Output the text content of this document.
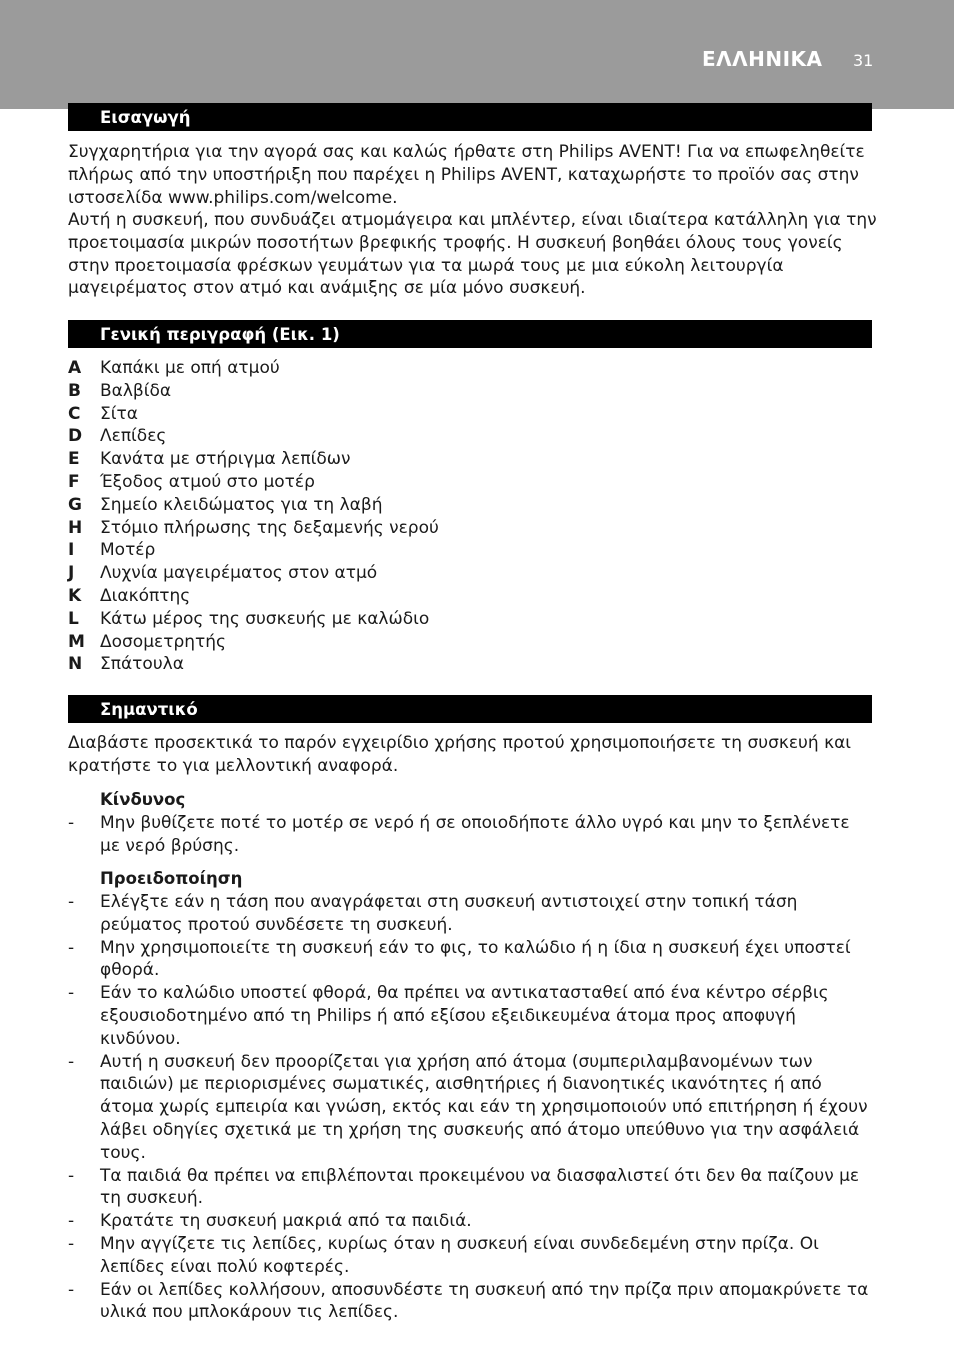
ΕΛΛΗΝΙΚΑ 31
Εισαγωγή

Συγχαρητήρια για την αγορά σας και καλώς ήρθατε στη Philips AVENT! Για να επωφεληθείτε πλήρως από την υποστήριξη που παρέχει η Philips AVENT, καταχωρήστε το προϊόν σας στην ιστοσελίδα www.philips.com/welcome.

Αυτή η συσκευή, που συνδυάζει ατμομάγειρα και μπλέντερ, είναι ιδιαίτερα κατάλληλη για την προετοιμασία μικρών ποσοτήτων βρεφικής τροφής. Η συσκευή βοηθάει όλους τους γονείς στην προετοιμασία φρέσκων γευμάτων για τα μωρά τους με μια εύκολη λειτουργία μαγειρέματος στον ατμό και ανάμιξης σε μία μόνο συσκευή.

Γενική περιγραφή (Εικ. 1)
A	Καπάκι με οπή ατμού
B	Βαλβίδα
C	Σίτα
D	Λεπίδες
E	Κανάτα με στήριγμα λεπίδων
F	Έξοδος ατμού στο μοτέρ
G	Σημείο κλειδώματος για τη λαβή
H	Στόμιο πλήρωσης της δεξαμενής νερού
I	Μοτέρ
J	Λυχνία μαγειρέματος στον ατμό
K	Διακόπτης
L	Κάτω μέρος της συσκευής με καλώδιο
M Δοσομετρητής
N	Σπάτουλα
Σημαντικό

Διαβάστε προσεκτικά το παρόν εγχειρίδιο χρήσης προτού χρησιμοποιήσετε τη συσκευή και κρατήστε το για μελλοντική αναφορά.

Κίνδυνος
-	Μην βυθίζετε ποτέ το μοτέρ σε νερό ή σε οποιοδήποτε άλλο υγρό και μην το ξεπλένετε με νερό βρύσης.
Προειδοποίηση
-	Ελέγξτε εάν η τάση που αναγράφεται στη συσκευή αντιστοιχεί στην τοπική τάση ρεύματος προτού συνδέσετε τη συσκευή.
-	Μην χρησιμοποιείτε τη συσκευή εάν το φις, το καλώδιο ή η ίδια η συσκευή έχει υποστεί φθορά.
-	Εάν το καλώδιο υποστεί φθορά, θα πρέπει να αντικατασταθεί από ένα κέντρο σέρβις εξουσιοδοτημένο από τη Philips ή από εξίσου εξειδικευμένα άτομα προς αποφυγή κινδύνου.
-	Αυτή η συσκευή δεν προορίζεται για χρήση από άτομα (συμπεριλαμβανομένων των παιδιών) με περιορισμένες σωματικές, αισθητήριες ή διανοητικές ικανότητες ή από άτομα χωρίς εμπειρία και γνώση, εκτός και εάν τη χρησιμοποιούν υπό επιτήρηση ή έχουν λάβει οδηγίες σχετικά με τη χρήση της συσκευής από άτομο υπεύθυνο για την ασφάλειά τους.
-	Τα παιδιά θα πρέπει να επιβλέπονται προκειμένου να διασφαλιστεί ότι δεν θα παίζουν με τη συσκευή.
-	Κρατάτε τη συσκευή μακριά από τα παιδιά.
-	Μην αγγίζετε τις λεπίδες, κυρίως όταν η συσκευή είναι συνδεδεμένη στην πρίζα. Οι λεπίδες είναι πολύ κοφτερές.
-	Εάν οι λεπίδες κολλήσουν, αποσυνδέστε τη συσκευή από την πρίζα πριν απομακρύνετε τα υλικά που μπλοκάρουν τις λεπίδες.
